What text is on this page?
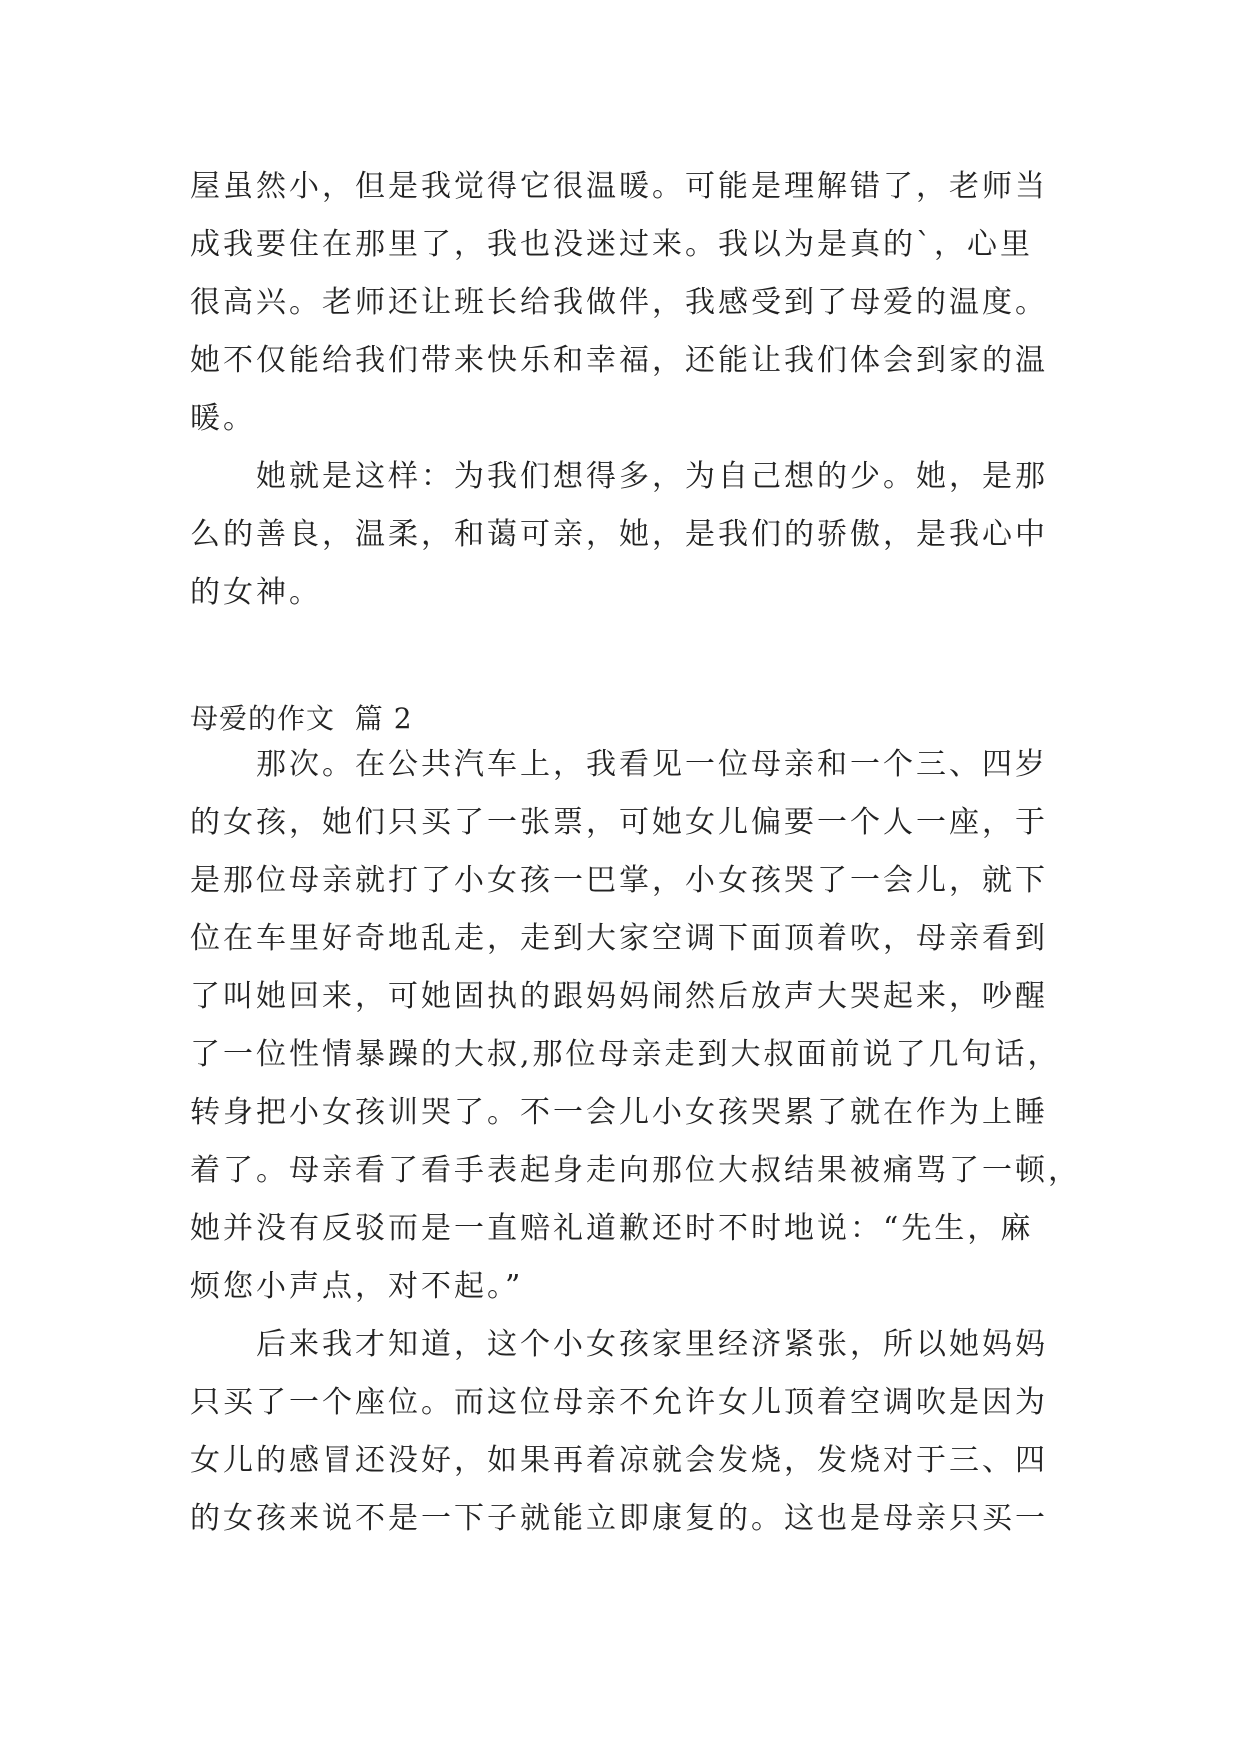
屋虽然小，但是我觉得它很温暖。可能是理解错了，老师当
成我要住在那里了，我也没迷过来。我以为是真的`，心里
很高兴。老师还让班长给我做伴，我感受到了母爱的温度。
她不仅能给我们带来快乐和幸福，还能让我们体会到家的温
暖。
　　她就是这样：为我们想得多，为自己想的少。她，是那
么的善良，温柔，和蔼可亲，她，是我们的骄傲，是我心中
的女神。
母爱的作文  篇 2
　　那次。在公共汽车上，我看见一位母亲和一个三、四岁
的女孩，她们只买了一张票，可她女儿偏要一个人一座，于
是那位母亲就打了小女孩一巴掌，小女孩哭了一会儿，就下
位在车里好奇地乱走，走到大家空调下面顶着吹，母亲看到
了叫她回来，可她固执的跟妈妈闹然后放声大哭起来，吵醒
了一位性情暴躁的大叔,那位母亲走到大叔面前说了几句话，
转身把小女孩训哭了。不一会儿小女孩哭累了就在作为上睡
着了。母亲看了看手表起身走向那位大叔结果被痛骂了一顿，
她并没有反驳而是一直赔礼道歉还时不时地说：“先生，麻
烦您小声点，对不起。”
　　后来我才知道，这个小女孩家里经济紧张，所以她妈妈
只买了一个座位。而这位母亲不允许女儿顶着空调吹是因为
女儿的感冒还没好，如果再着凉就会发烧，发烧对于三、四
的女孩来说不是一下子就能立即康复的。这也是母亲只买一
